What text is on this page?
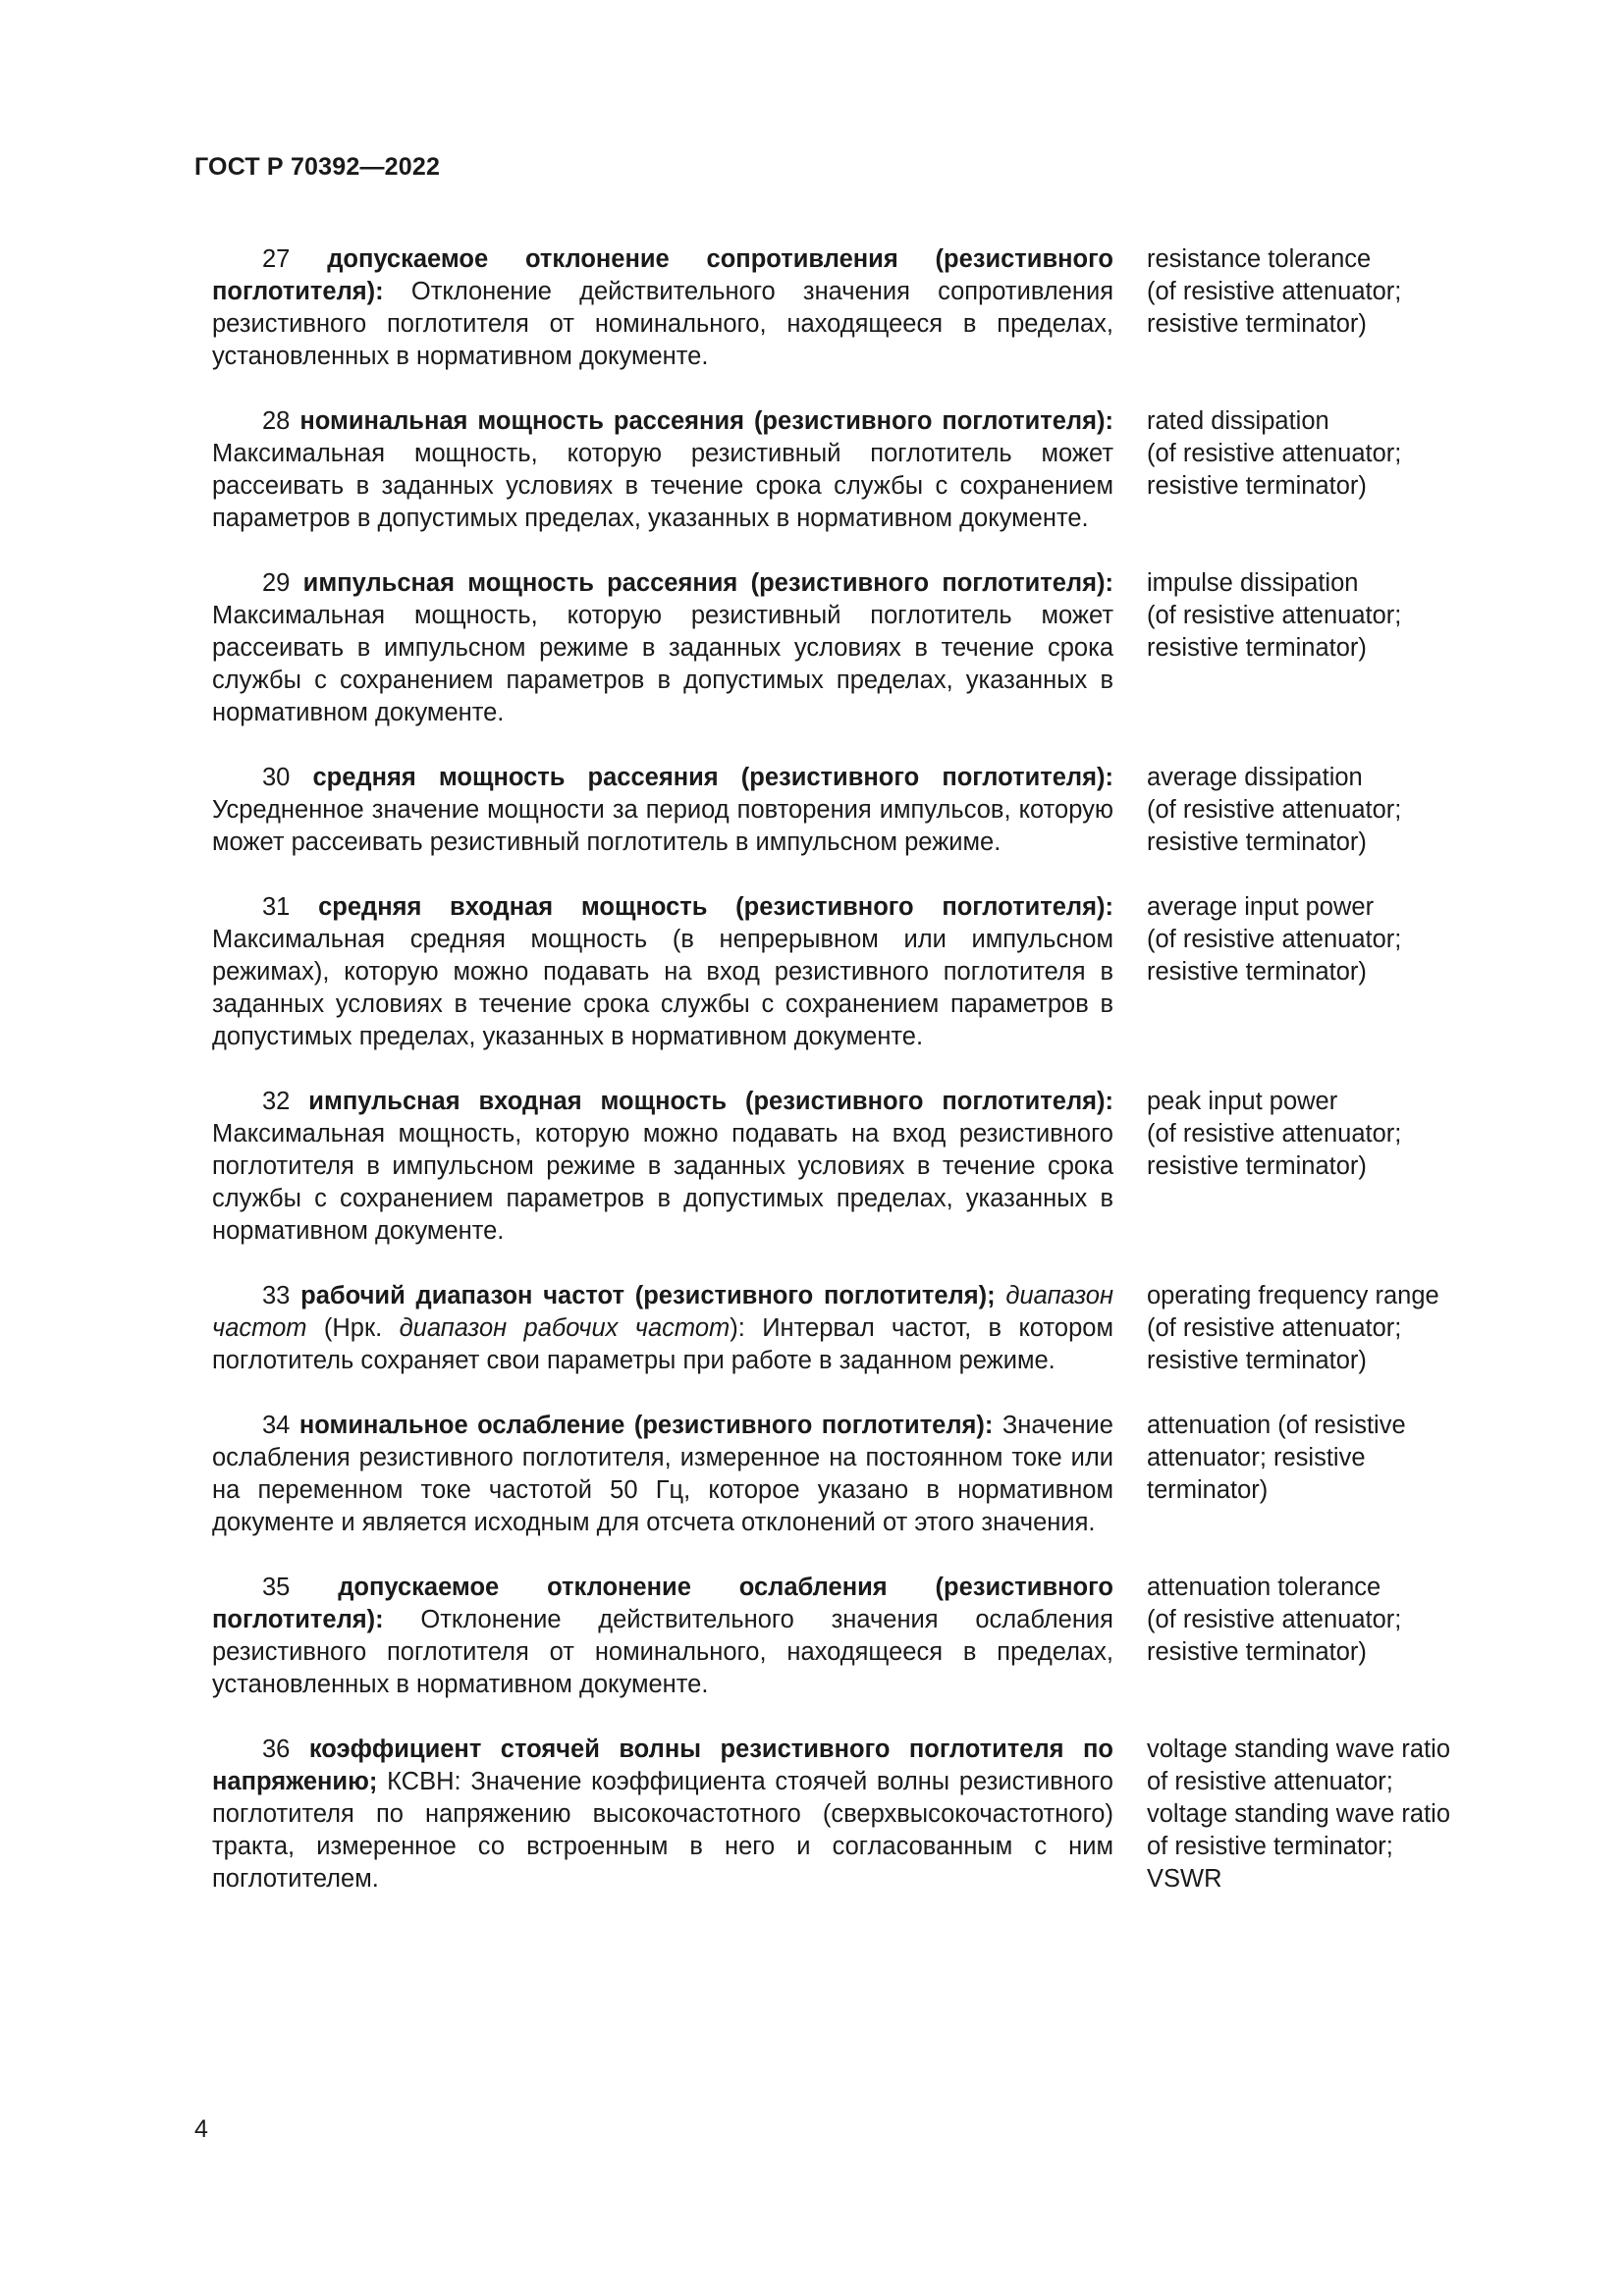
ГОСТ Р 70392—2022

27 допускаемое отклонение сопротивления (резистивного поглотителя): Отклонение действительного значения сопротивления резистивного поглотителя от номинального, находящееся в пределах, установленных в нормативном документе.

resistance tolerance
(of resistive attenuator;
resistive terminator)

28 номинальная мощность рассеяния (резистивного поглотителя): Максимальная мощность, которую резистивный поглотитель может рассеивать в заданных условиях в течение срока службы с сохранением параметров в допустимых пределах, указанных в нормативном документе.

rated dissipation
(of resistive attenuator;
resistive terminator)

29 импульсная мощность рассеяния (резистивного поглотителя): Максимальная мощность, которую резистивный поглотитель может рассеивать в импульсном режиме в заданных условиях в течение срока службы с сохранением параметров в допустимых пределах, указанных в нормативном документе.

impulse dissipation
(of resistive attenuator;
resistive terminator)

30 средняя мощность рассеяния (резистивного поглотителя): Усредненное значение мощности за период повторения импульсов, которую может рассеивать резистивный поглотитель в импульсном режиме.

average dissipation
(of resistive attenuator;
resistive terminator)

31 средняя входная мощность (резистивного поглотителя): Максимальная средняя мощность (в непрерывном или импульсном режимах), которую можно подавать на вход резистивного поглотителя в заданных условиях в течение срока службы с сохранением параметров в допустимых пределах, указанных в нормативном документе.

average input power
(of resistive attenuator;
resistive terminator)

32 импульсная входная мощность (резистивного поглотителя): Максимальная мощность, которую можно подавать на вход резистивного поглотителя в импульсном режиме в заданных условиях в течение срока службы с сохранением параметров в допустимых пределах, указанных в нормативном документе.

peak input power
(of resistive attenuator;
resistive terminator)

33 рабочий диапазон частот (резистивного поглотителя); диапазон частот (Нрк. диапазон рабочих частот): Интервал частот, в котором поглотитель сохраняет свои параметры при работе в заданном режиме.

operating frequency range
(of resistive attenuator;
resistive terminator)

34 номинальное ослабление (резистивного поглотителя): Значение ослабления резистивного поглотителя, измеренное на постоянном токе или на переменном токе частотой 50 Гц, которое указано в нормативном документе и является исходным для отсчета отклонений от этого значения.

attenuation (of resistive
attenuator; resistive
terminator)

35 допускаемое отклонение ослабления (резистивного поглотителя): Отклонение действительного значения ослабления резистивного поглотителя от номинального, находящееся в пределах, установленных в нормативном документе.

attenuation tolerance
(of resistive attenuator;
resistive terminator)

36 коэффициент стоячей волны резистивного поглотителя по напряжению; КСВН: Значение коэффициента стоячей волны резистивного поглотителя по напряжению высокочастотного (сверхвысокочастотного) тракта, измеренное со встроенным в него и согласованным с ним поглотителем.

voltage standing wave ratio
of resistive attenuator;
voltage standing wave ratio
of resistive terminator;
VSWR

4
